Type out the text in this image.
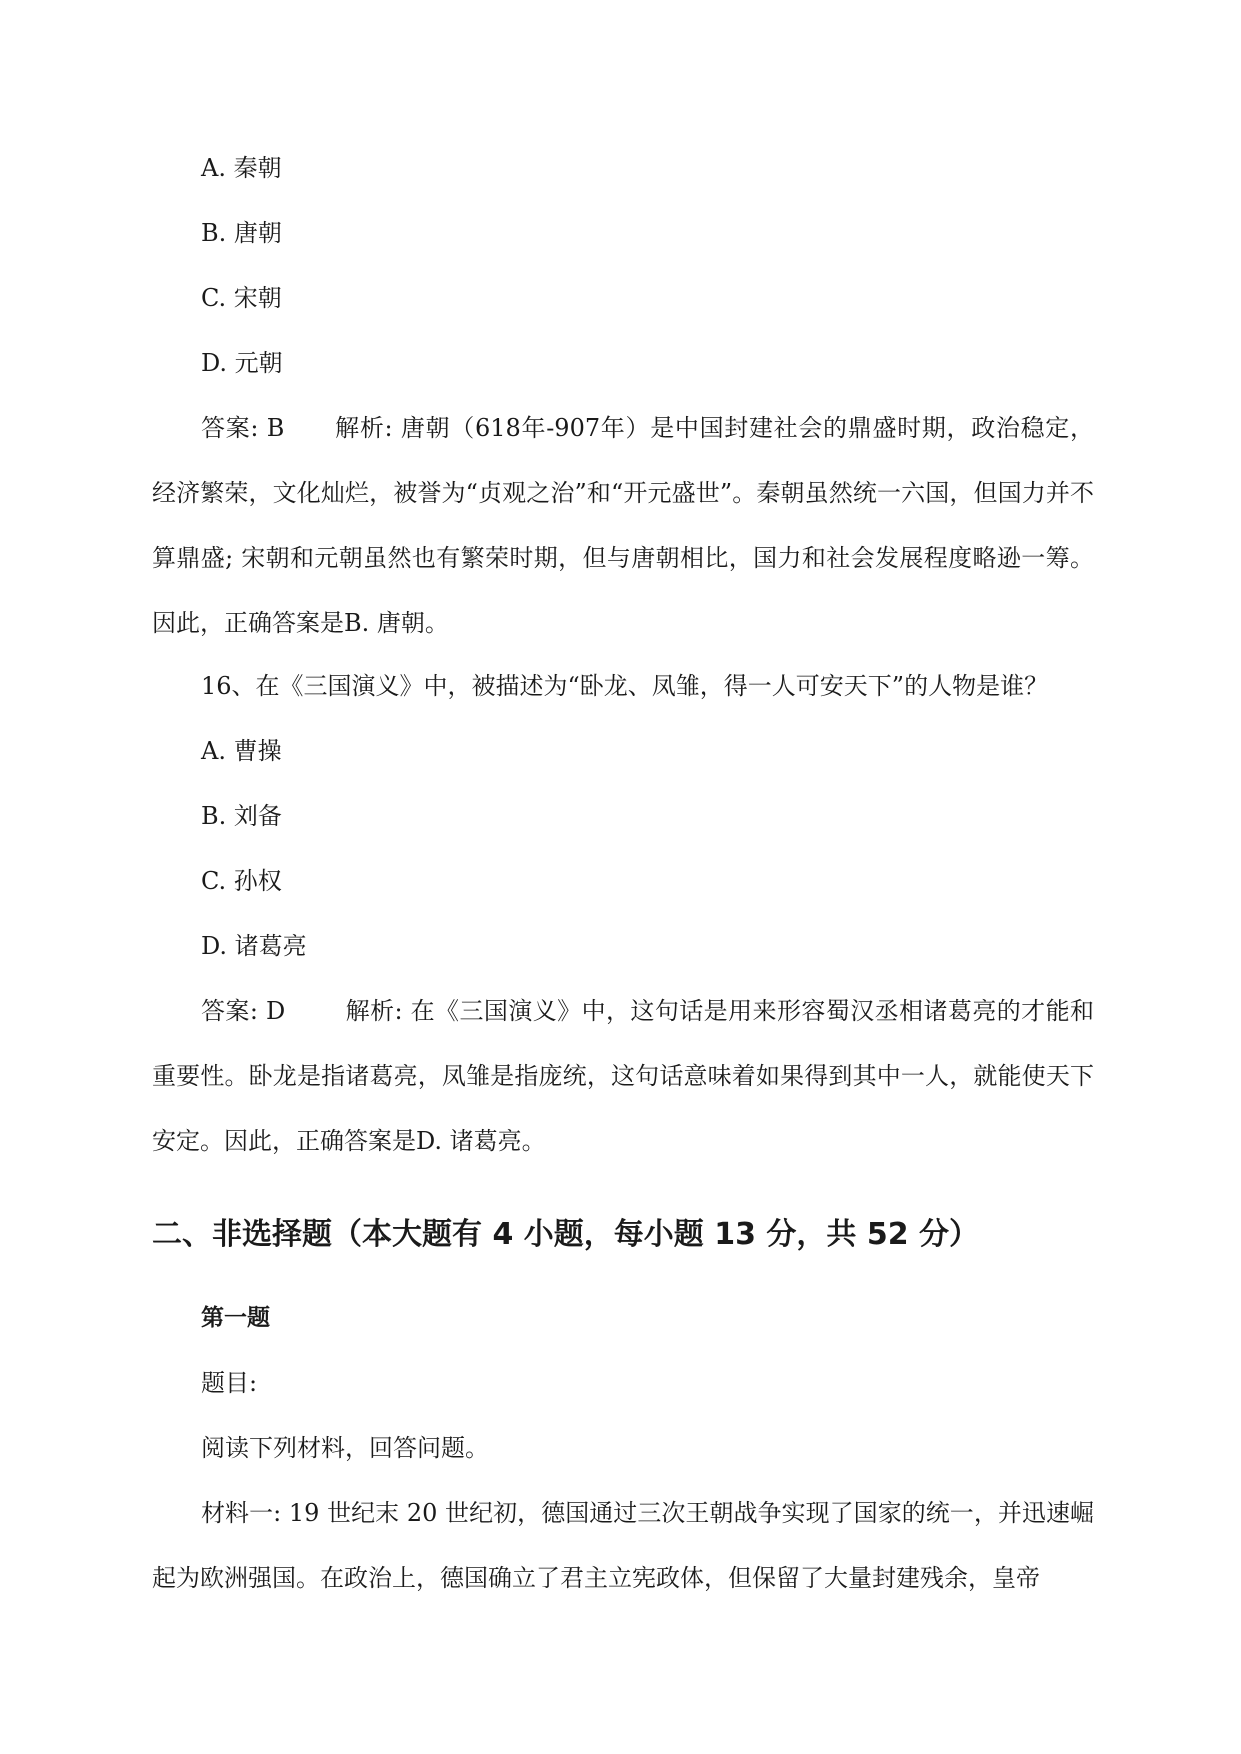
A. 秦朝
B. 唐朝
C. 宋朝
D. 元朝
答案: B 解析: 唐朝（618年-907年）是中国封建社会的鼎盛时期，政治稳定，经济繁荣，文化灿烂，被誉为“贞观之治”和“开元盛世”。秦朝虽然统一六国，但国力并不算鼎盛; 宋朝和元朝虽然也有繁荣时期，但与唐朝相比，国力和社会发展程度略逊一筹。因此，正确答案是B. 唐朝。
16、在《三国演义》中，被描述为“卧龙、凤雏，得一人可安天下”的人物是谁？
A. 曹操
B. 刘备
C. 孙权
D. 诸葛亮
答案: D	解析: 在《三国演义》中，这句话是用来形容蜀汉丞相诸葛亮的才能和重要性。卧龙是指诸葛亮，凤雏是指庞统，这句话意味着如果得到其中一人，就能使天下安定。因此，正确答案是D. 诸葛亮。
二、非选择题（本大题有 4 小题，每小题 13 分，共 52 分）
第一题
题目:
阅读下列材料，回答问题。
材料一: 19 世纪末 20 世纪初，德国通过三次王朝战争实现了国家的统一，并迅速崛起为欧洲强国。在政治上，德国确立了君主立宪政体，但保留了大量封建残余，皇帝
